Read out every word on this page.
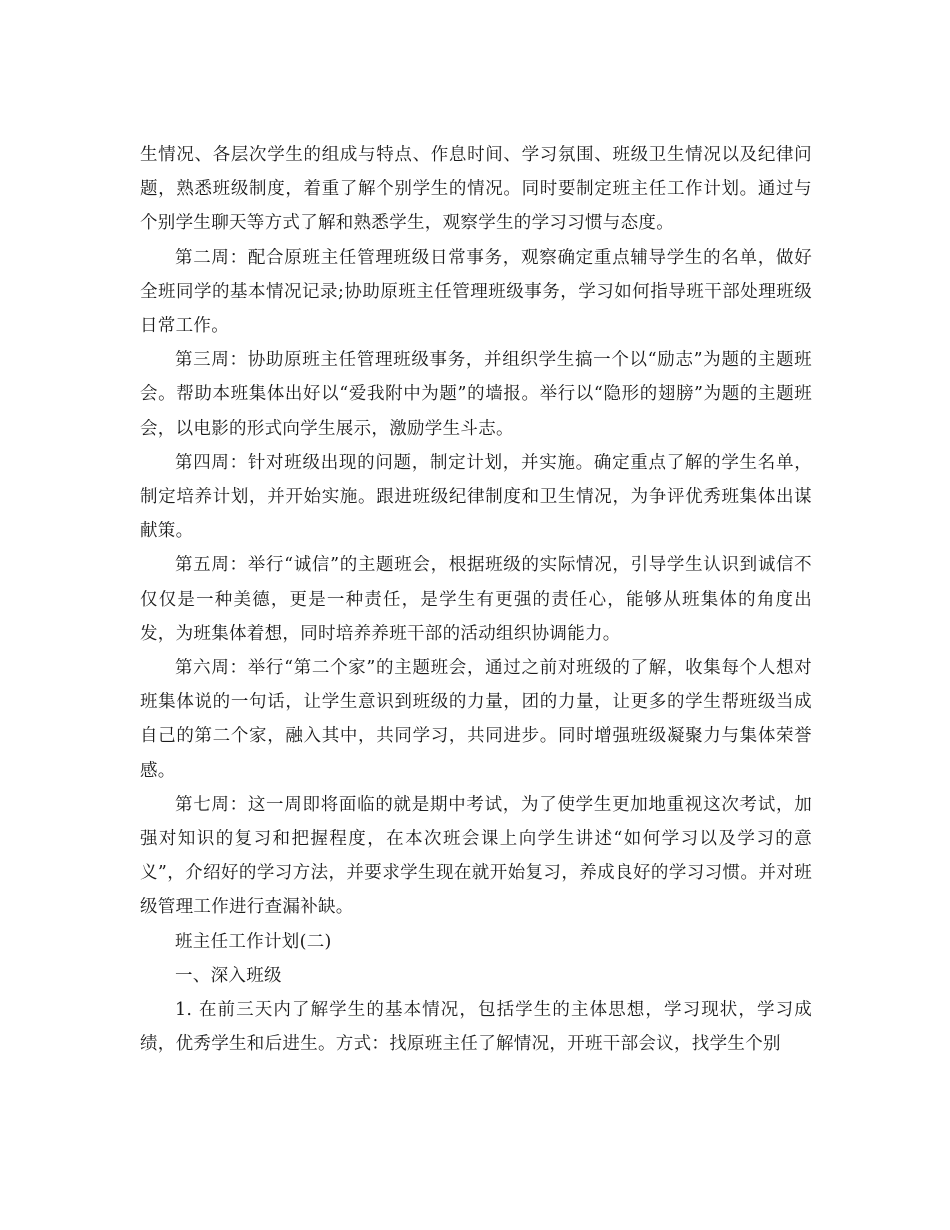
生情况、各层次学生的组成与特点、作息时间、学习氛围、班级卫生情况以及纪律问题，熟悉班级制度，着重了解个别学生的情况。同时要制定班主任工作计划。通过与个别学生聊天等方式了解和熟悉学生，观察学生的学习习惯与态度。

第二周：配合原班主任管理班级日常事务，观察确定重点辅导学生的名单，做好全班同学的基本情况记录;协助原班主任管理班级事务，学习如何指导班干部处理班级日常工作。

第三周：协助原班主任管理班级事务，并组织学生搞一个以“励志”为题的主题班会。帮助本班集体出好以“爱我附中为题”的墙报。举行以“隐形的翅膀”为题的主题班会，以电影的形式向学生展示，激励学生斗志。

第四周：针对班级出现的问题，制定计划，并实施。确定重点了解的学生名单，制定培养计划，并开始实施。跟进班级纪律制度和卫生情况，为争评优秀班集体出谋献策。

第五周：举行“诚信”的主题班会，根据班级的实际情况，引导学生认识到诚信不仅仅是一种美德，更是一种责任，是学生有更强的责任心，能够从班集体的角度出发，为班集体着想，同时培养养班干部的活动组织协调能力。

第六周：举行“第二个家”的主题班会，通过之前对班级的了解，收集每个人想对班集体说的一句话，让学生意识到班级的力量，团的力量，让更多的学生帮班级当成自己的第二个家，融入其中，共同学习，共同进步。同时增强班级凝聚力与集体荣誉感。

第七周：这一周即将面临的就是期中考试，为了使学生更加地重视这次考试，加强对知识的复习和把握程度，在本次班会课上向学生讲述“如何学习以及学习的意义”，介绍好的学习方法，并要求学生现在就开始复习，养成良好的学习习惯。并对班级管理工作进行查漏补缺。

班主任工作计划(二)

一、深入班级

1. 在前三天内了解学生的基本情况，包括学生的主体思想，学习现状，学习成绩，优秀学生和后进生。方式：找原班主任了解情况，开班干部会议，找学生个别
